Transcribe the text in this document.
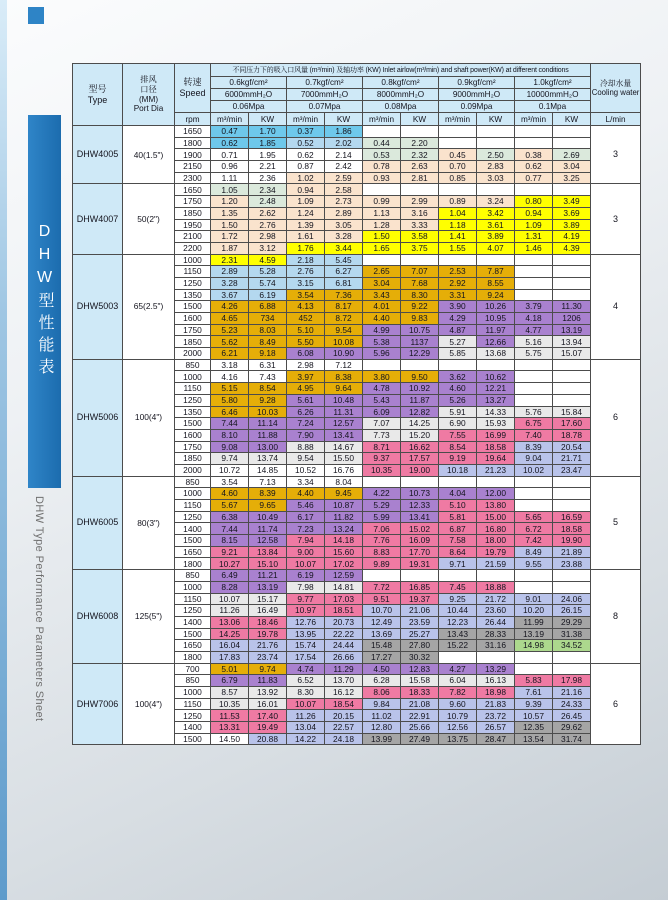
DHW型性能表
DHW Type Performance Parameters Sheet
型号
Type

排风
口径
(MM)
Port Dia

转速
Speed
	不同压力下的吸入口风量 (m³/min) 及轴功率 (KW) Inlet airlow(m³/min) and shaft power(KW) at different conditions	
冷却水量
Cooling water

			0.6kgf/cm²		0.7kgf/cm²		0.8kgf/cm²		0.9kgf/cm²		1.0kgf/cm²		
			6000mmH₂O		7000mmH₂O		8000mmH₂O		9000mmH₂O		10000mmH₂O		
			0.06Mpa		0.07Mpa		0.08Mpa		0.09Mpa		0.1Mpa		
		rpm	m³/min	KW	m³/min	KW	m³/min	KW	m³/min	KW	m³/min	KW	L/min
DHW4005	40(1.5")	1650	0.47	1.70	0.37	1.86							3
		1800	0.62	1.85	0.52	2.02	0.44	2.20					
		1900	0.71	1.95	0.62	2.14	0.53	2.32	0.45	2.50	0.38	2.69	
		2150	0.96	2.21	0.87	2.42	0.78	2.63	0.70	2.83	0.62	3.04	
		2300	1.11	2.36	1.02	2.59	0.93	2.81	0.85	3.03	0.77	3.25	
DHW4007	50(2")	1650	1.05	2.34	0.94	2.58							3
		1750	1.20	2.48	1.09	2.73	0.99	2.99	0.89	3.24	0.80	3.49	
		1850	1.35	2.62	1.24	2.89	1.13	3.16	1.04	3.42	0.94	3.69	
		1950	1.50	2.76	1.39	3.05	1.28	3.33	1.18	3.61	1.09	3.89	
		2100	1.72	2.98	1.61	3.28	1.50	3.58	1.41	3.89	1.31	4.19	
		2200	1.87	3.12	1.76	3.44	1.65	3.75	1.55	4.07	1.46	4.39	
DHW5003	65(2.5")	1000	2.31	4.59	2.18	5.45							4
		1150	2.89	5.28	2.76	6.27	2.65	7.07	2.53	7.87			
		1250	3.28	5.74	3.15	6.81	3.04	7.68	2.92	8.55			
		1350	3.67	6.19	3.54	7.36	3.43	8.30	3.31	9.24			
		1500	4.26	6.88	4.13	8.17	4.01	9.22	3.90	10.26	3.79	11.30	
		1600	4.65	734	452	8.72	4.40	9.83	4.29	10.95	4.18	1206	
		1750	5.23	8.03	5.10	9.54	4.99	10.75	4.87	11.97	4.77	13.19	
		1850	5.62	8.49	5.50	10.08	5.38	1137	5.27	12.66	5.16	13.94	
		2000	6.21	9.18	6.08	10.90	5.96	12.29	5.85	13.68	5.75	15.07	
DHW5006	100(4")	850	3.18	6.31	2.98	7.12							6
		1000	4.16	7.43	3.97	8.38	3.80	9.50	3.62	10.62			
		1150	5.15	8.54	4.95	9.64	4.78	10.92	4.60	12.21			
		1250	5.80	9.28	5.61	10.48	5.43	11.87	5.26	13.27			
		1350	6.46	10.03	6.26	11.31	6.09	12.82	5.91	14.33	5.76	15.84	
		1500	7.44	11.14	7.24	12.57	7.07	14.25	6.90	15.93	6.75	17.60	
		1600	8.10	11.88	7.90	13.41	7.73	15.20	7.55	16.99	7.40	18.78	
		1750	9.08	13.00	8.88	14.67	8.71	16.62	8.54	18.58	8.39	20.54	
		1850	9.74	13.74	9.54	15.50	9.37	17.57	9.19	19.64	9.04	21.71	
		2000	10.72	14.85	10.52	16.76	10.35	19.00	10.18	21.23	10.02	23.47	
DHW6005	80(3")	850	3.54	7.13	3.34	8.04							5
		1000	4.60	8.39	4.40	9.45	4.22	10.73	4.04	12.00			
		1150	5.67	9.65	5.46	10.87	5.29	12.33	5.10	13.80			
		1250	6.38	10.49	6.17	11.82	5.99	13.41	5.81	15.00	5.65	16.59	
		1400	7.44	11.74	7.23	13.24	7.06	15.02	6.87	16.80	6.72	18.58	
		1500	8.15	12.58	7.94	14.18	7.76	16.09	7.58	18.00	7.42	19.90	
		1650	9.21	13.84	9.00	15.60	8.83	17.70	8.64	19.79	8.49	21.89	
		1800	10.27	15.10	10.07	17.02	9.89	19.31	9.71	21.59	9.55	23.88	
DHW6008	125(5")	850	6.49	11.21	6.19	12.59							8
		1000	8.28	13.19	7.98	14.81	7.72	16.85	7.45	18.88			
		1150	10.07	15.17	9.77	17.03	9.51	19.37	9.25	21.72	9.01	24.06	
		1250	11.26	16.49	10.97	18.51	10.70	21.06	10.44	23.60	10.20	26.15	
		1400	13.06	18.46	12.76	20.73	12.49	23.59	12.23	26.44	11.99	29.29	
		1500	14.25	19.78	13.95	22.22	13.69	25.27	13.43	28.33	13.19	31.38	
		1650	16.04	21.76	15.74	24.44	15.48	27.80	15.22	31.16	14.98	34.52	
		1800	17.83	23.74	17.54	26.66	17.27	30.32					
DHW7006	100(4")	700	5.01	9.74	4.74	11.29	4.50	12.83	4.27	13.29			6
		850	6.79	11.83	6.52	13.70	6.28	15.58	6.04	16.13	5.83	17.98	
		1000	8.57	13.92	8.30	16.12	8.06	18.33	7.82	18.98	7.61	21.16	
		1150	10.35	16.01	10.07	18.54	9.84	21.08	9.60	21.83	9.39	24.33	
		1250	11.53	17.40	11.26	20.15	11.02	22.91	10.79	23.72	10.57	26.45	
		1400	13.31	19.49	13.04	22.57	12.80	25.66	12.56	26.57	12.35	29.62	
		1500	14.50	20.88	14.22	24.18	13.99	27.49	13.75	28.47	13.54	31.74	
